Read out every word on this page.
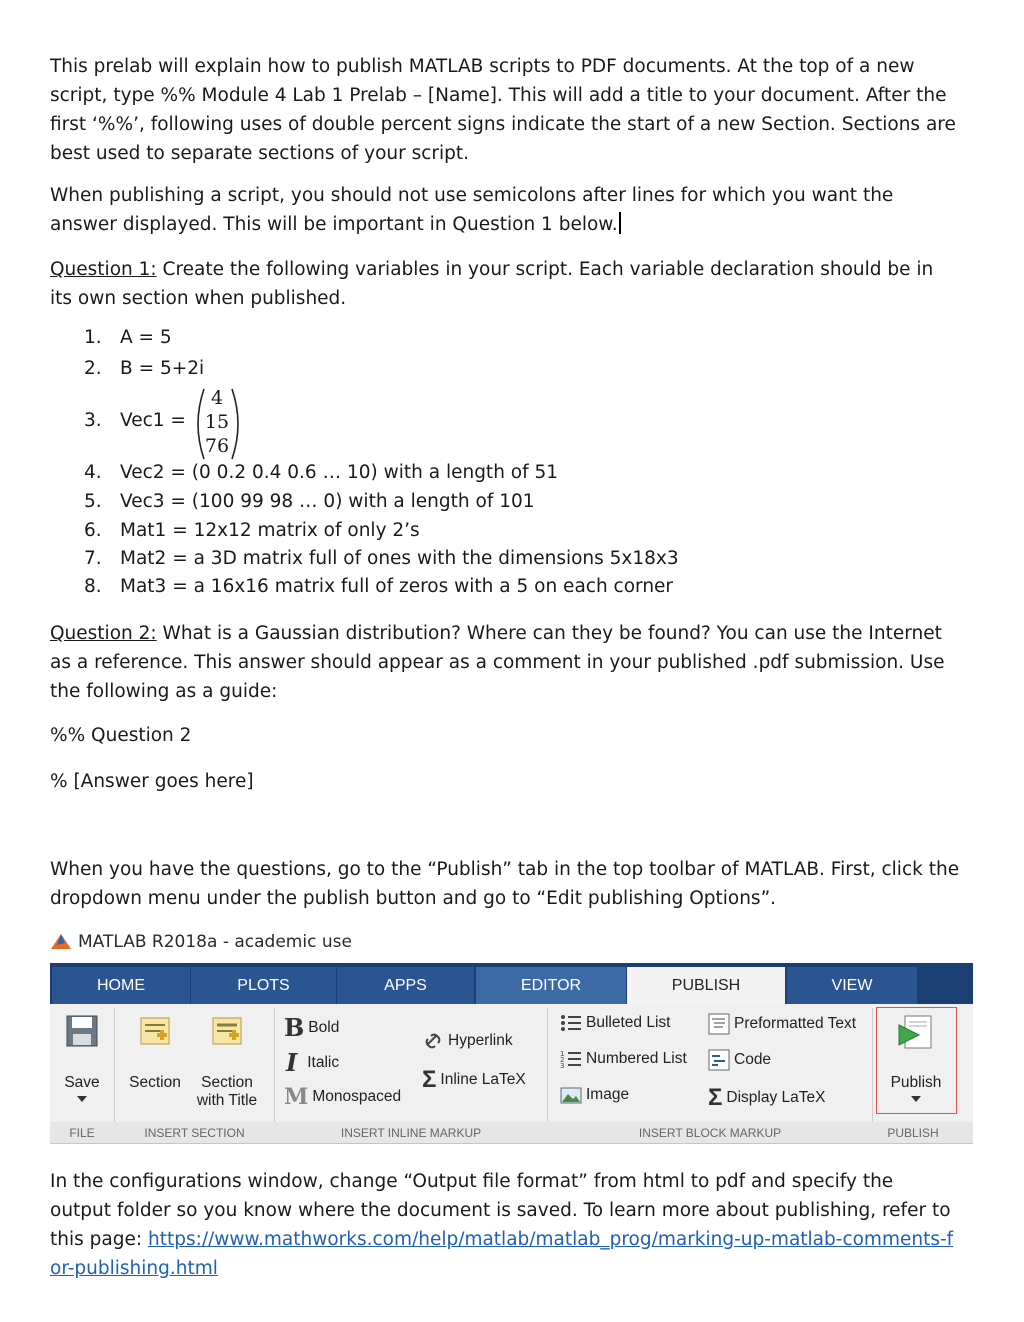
This prelab will explain how to publish MATLAB scripts to PDF documents. At the top of a new script, type %% Module 4 Lab 1 Prelab – [Name]. This will add a title to your document. After the first ‘%%’, following uses of double percent signs indicate the start of a new Section. Sections are best used to separate sections of your script.
When publishing a script, you should not use semicolons after lines for which you want the answer displayed. This will be important in Question 1 below.
Question 1: Create the following variables in your script. Each variable declaration should be in its own section when published.
1. A = 5
2. B = 5+2i
3. Vec1 =
4
15
76
4. Vec2 = (0 0.2 0.4 0.6 … 10) with a length of 51
5. Vec3 = (100 99 98 … 0) with a length of 101
6. Mat1 = 12x12 matrix of only 2’s
7. Mat2 = a 3D matrix full of ones with the dimensions 5x18x3
8. Mat3 = a 16x16 matrix full of zeros with a 5 on each corner
Question 2: What is a Gaussian distribution? Where can they be found? You can use the Internet as a reference. This answer should appear as a comment in your published .pdf submission. Use the following as a guide:
%% Question 2
% [Answer goes here]
When you have the questions, go to the “Publish” tab in the top toolbar of MATLAB. First, click the dropdown menu under the publish button and go to “Edit publishing Options”.
MATLAB R2018a - academic use
HOME	PLOTS	APPS	EDITOR	PUBLISH	VIEW
Save	Section	Section
with Title
B Bold
I Italic
M Monospaced
Hyperlink
Σ Inline LaTeX
Bulleted List
1
2
3 Numbered List
Image
Preformatted Text
Code
Σ Display LaTeX
Publish
FILE	INSERT SECTION	INSERT INLINE MARKUP	INSERT BLOCK MARKUP	PUBLISH
In the configurations window, change “Output file format” from html to pdf and specify the output folder so you know where the document is saved. To learn more about publishing, refer to this page: https://www.mathworks.com/help/matlab/matlab_prog/marking-up-matlab-comments-for-publishing.html
